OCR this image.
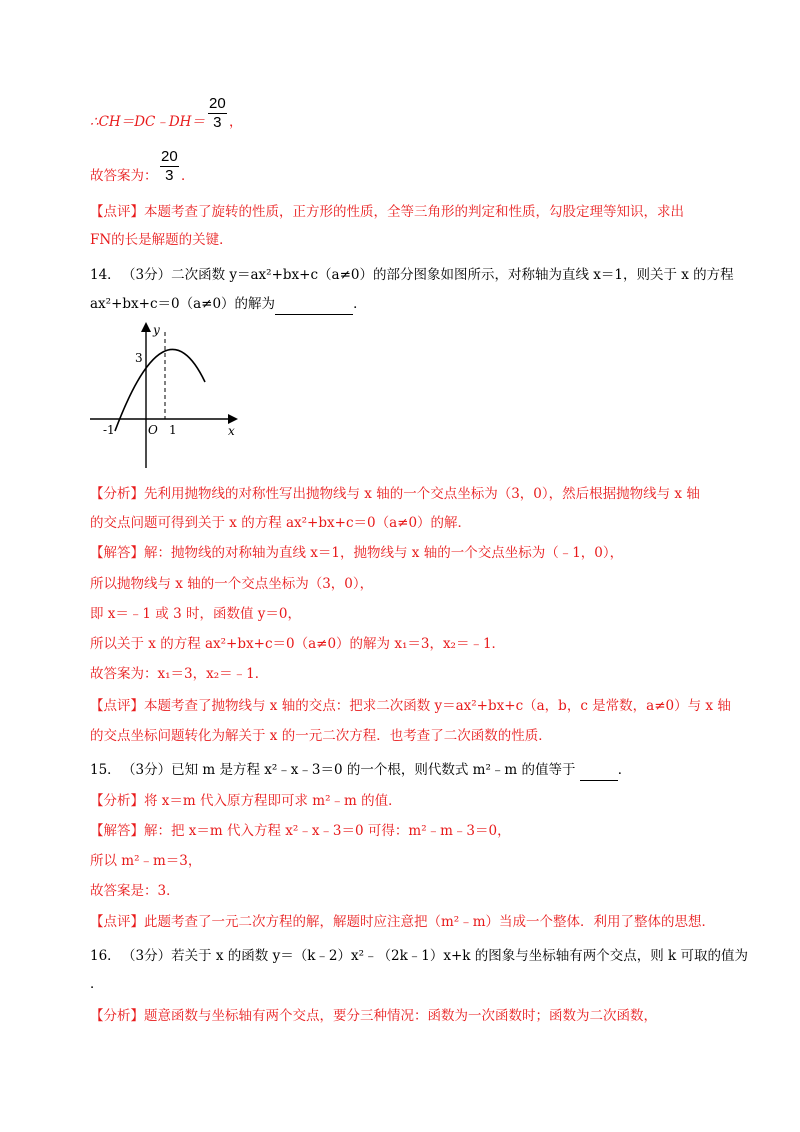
∴CH＝DC﹣DH＝ $\frac{20}{3}$ ，
故答案为： $\frac{20}{3}$ ．
【点评】本题考查了旋转的性质，正方形的性质，全等三角形的判定和性质，勾股定理等知识，求出
FN的长是解题的关键．
14． （3分）二次函数 y＝ax²+bx+c（a≠0）的部分图象如图所示，对称轴为直线 x＝1，则关于 x 的方程
ax²+bx+c＝0（a≠0）的解为	．
y
x
O
-1	1
3
【分析】先利用抛物线的对称性写出抛物线与 x 轴的一个交点坐标为（3，0），然后根据抛物线与 x 轴
的交点问题可得到关于 x 的方程 ax²+bx+c＝0（a≠0）的解．
【解答】解：抛物线的对称轴为直线 x＝1，抛物线与 x 轴的一个交点坐标为（﹣1，0），
所以抛物线与 x 轴的一个交点坐标为（3，0），
即 x＝﹣1 或 3 时，函数值 y＝0，
所以关于 x 的方程 ax²+bx+c＝0（a≠0）的解为 x₁＝3，x₂＝﹣1．
故答案为：x₁＝3，x₂＝﹣1．
【点评】本题考查了抛物线与 x 轴的交点：把求二次函数 y＝ax²+bx+c（a，b，c 是常数，a≠0）与 x 轴
的交点坐标问题转化为解关于 x 的一元二次方程．也考查了二次函数的性质．
15． （3分）已知 m 是方程 x²﹣x﹣3＝0 的一个根，则代数式 m²﹣m 的值等于	．
【分析】将 x＝m 代入原方程即可求 m²﹣m 的值．
【解答】解：把 x＝m 代入方程 x²﹣x﹣3＝0 可得：m²﹣m﹣3＝0，
所以 m²﹣m＝3，
故答案是：3．
【点评】此题考查了一元二次方程的解，解题时应注意把（m²﹣m）当成一个整体．利用了整体的思想．
16． （3分）若关于 x 的函数 y＝（k﹣2）x²﹣（2k﹣1）x+k 的图象与坐标轴有两个交点，则 k 可取的值为
．
【分析】题意函数与坐标轴有两个交点，要分三种情况：函数为一次函数时；函数为二次函数，
